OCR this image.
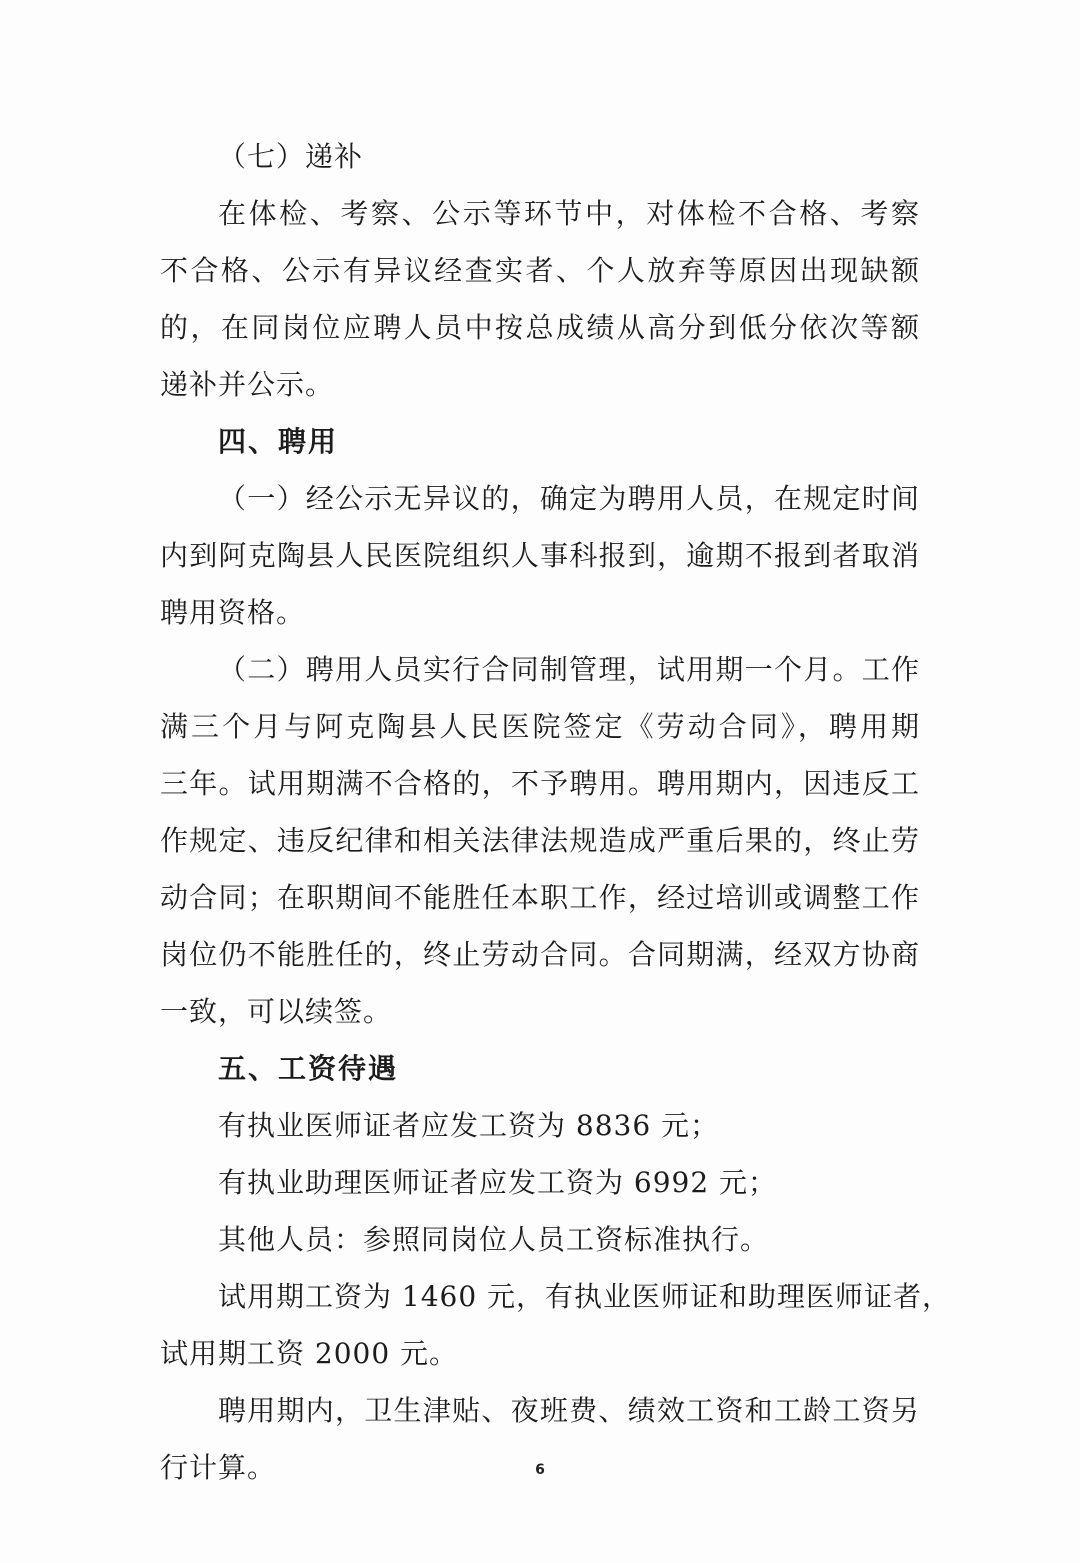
（七）递补
在体检、考察、公示等环节中，对体检不合格、考察
不合格、公示有异议经查实者、个人放弃等原因出现缺额
的，在同岗位应聘人员中按总成绩从高分到低分依次等额
递补并公示。
四、聘用
（一）经公示无异议的，确定为聘用人员，在规定时间
内到阿克陶县人民医院组织人事科报到，逾期不报到者取消
聘用资格。
（二）聘用人员实行合同制管理，试用期一个月。工作
满三个月与阿克陶县人民医院签定《劳动合同》，聘用期
三年。试用期满不合格的，不予聘用。聘用期内，因违反工
作规定、违反纪律和相关法律法规造成严重后果的，终止劳
动合同；在职期间不能胜任本职工作，经过培训或调整工作
岗位仍不能胜任的，终止劳动合同。合同期满，经双方协商
一致，可以续签。
五、工资待遇
有执业医师证者应发工资为 8836 元；
有执业助理医师证者应发工资为 6992 元；
其他人员：参照同岗位人员工资标准执行。
试用期工资为 1460 元，有执业医师证和助理医师证者，
试用期工资 2000 元。
聘用期内，卫生津贴、夜班费、绩效工资和工龄工资另
行计算。	6
